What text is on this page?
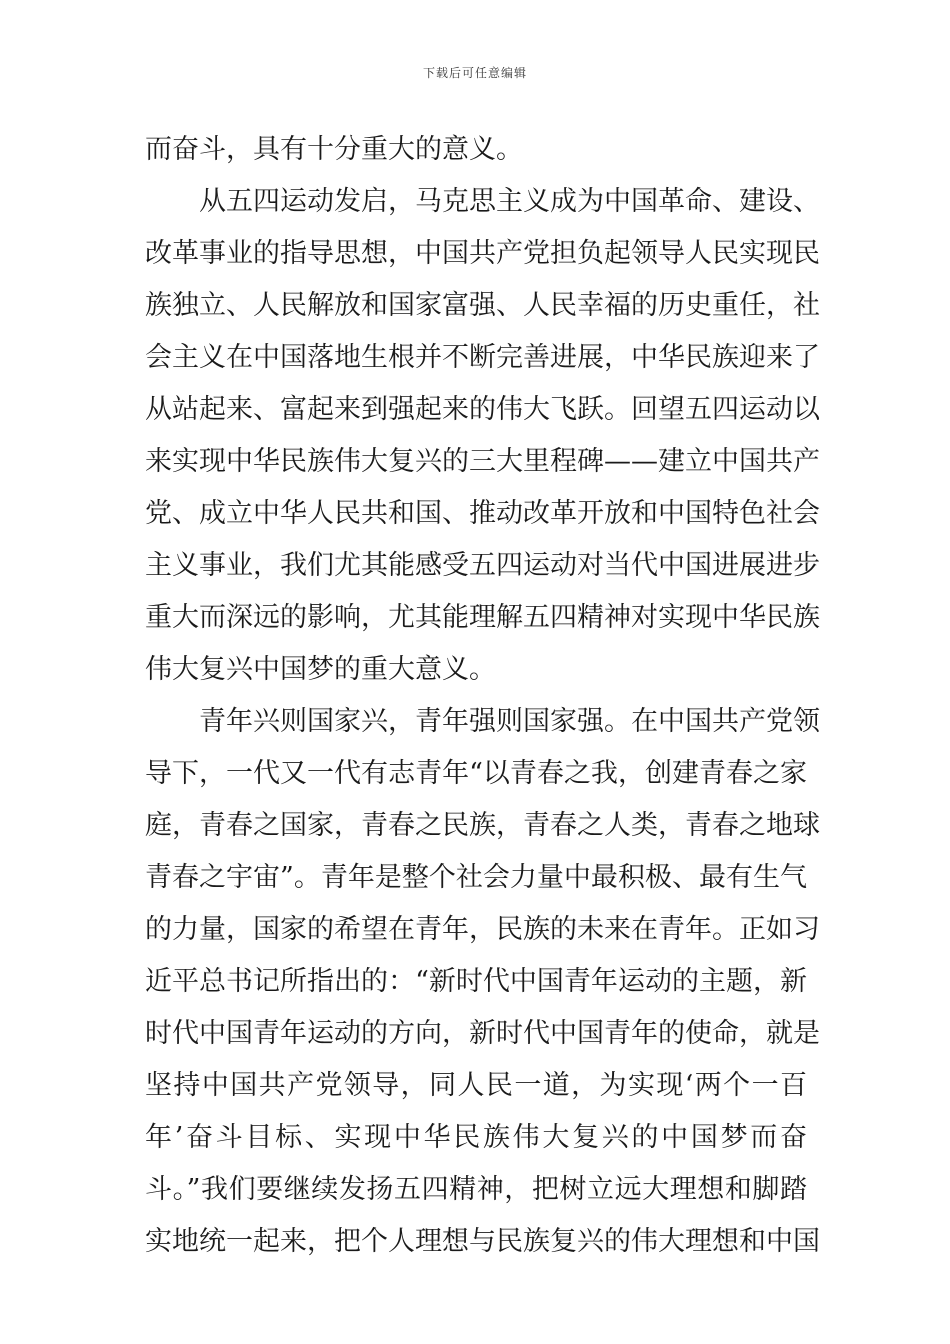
下载后可任意编辑
而奋斗，具有十分重大的意义。
从五四运动发启，马克思主义成为中国革命、建设、
改革事业的指导思想，中国共产党担负起领导人民实现民
族独立、人民解放和国家富强、人民幸福的历史重任，社
会主义在中国落地生根并不断完善进展，中华民族迎来了
从站起来、富起来到强起来的伟大飞跃。回望五四运动以
来实现中华民族伟大复兴的三大里程碑——建立中国共产
党、成立中华人民共和国、推动改革开放和中国特色社会
主义事业，我们尤其能感受五四运动对当代中国进展进步
重大而深远的影响，尤其能理解五四精神对实现中华民族
伟大复兴中国梦的重大意义。
青年兴则国家兴，青年强则国家强。在中国共产党领
导下，一代又一代有志青年“以青春之我，创建青春之家
庭，青春之国家，青春之民族，青春之人类，青春之地球
青春之宇宙”。青年是整个社会力量中最积极、最有生气
的力量，国家的希望在青年，民族的未来在青年。正如习
近平总书记所指出的：“新时代中国青年运动的主题，新
时代中国青年运动的方向，新时代中国青年的使命，就是
坚持中国共产党领导，同人民一道，为实现‘两个一百
年’奋斗目标、实现中华民族伟大复兴的中国梦而奋
斗。”我们要继续发扬五四精神，把树立远大理想和脚踏
实地统一起来，把个人理想与民族复兴的伟大理想和中国
